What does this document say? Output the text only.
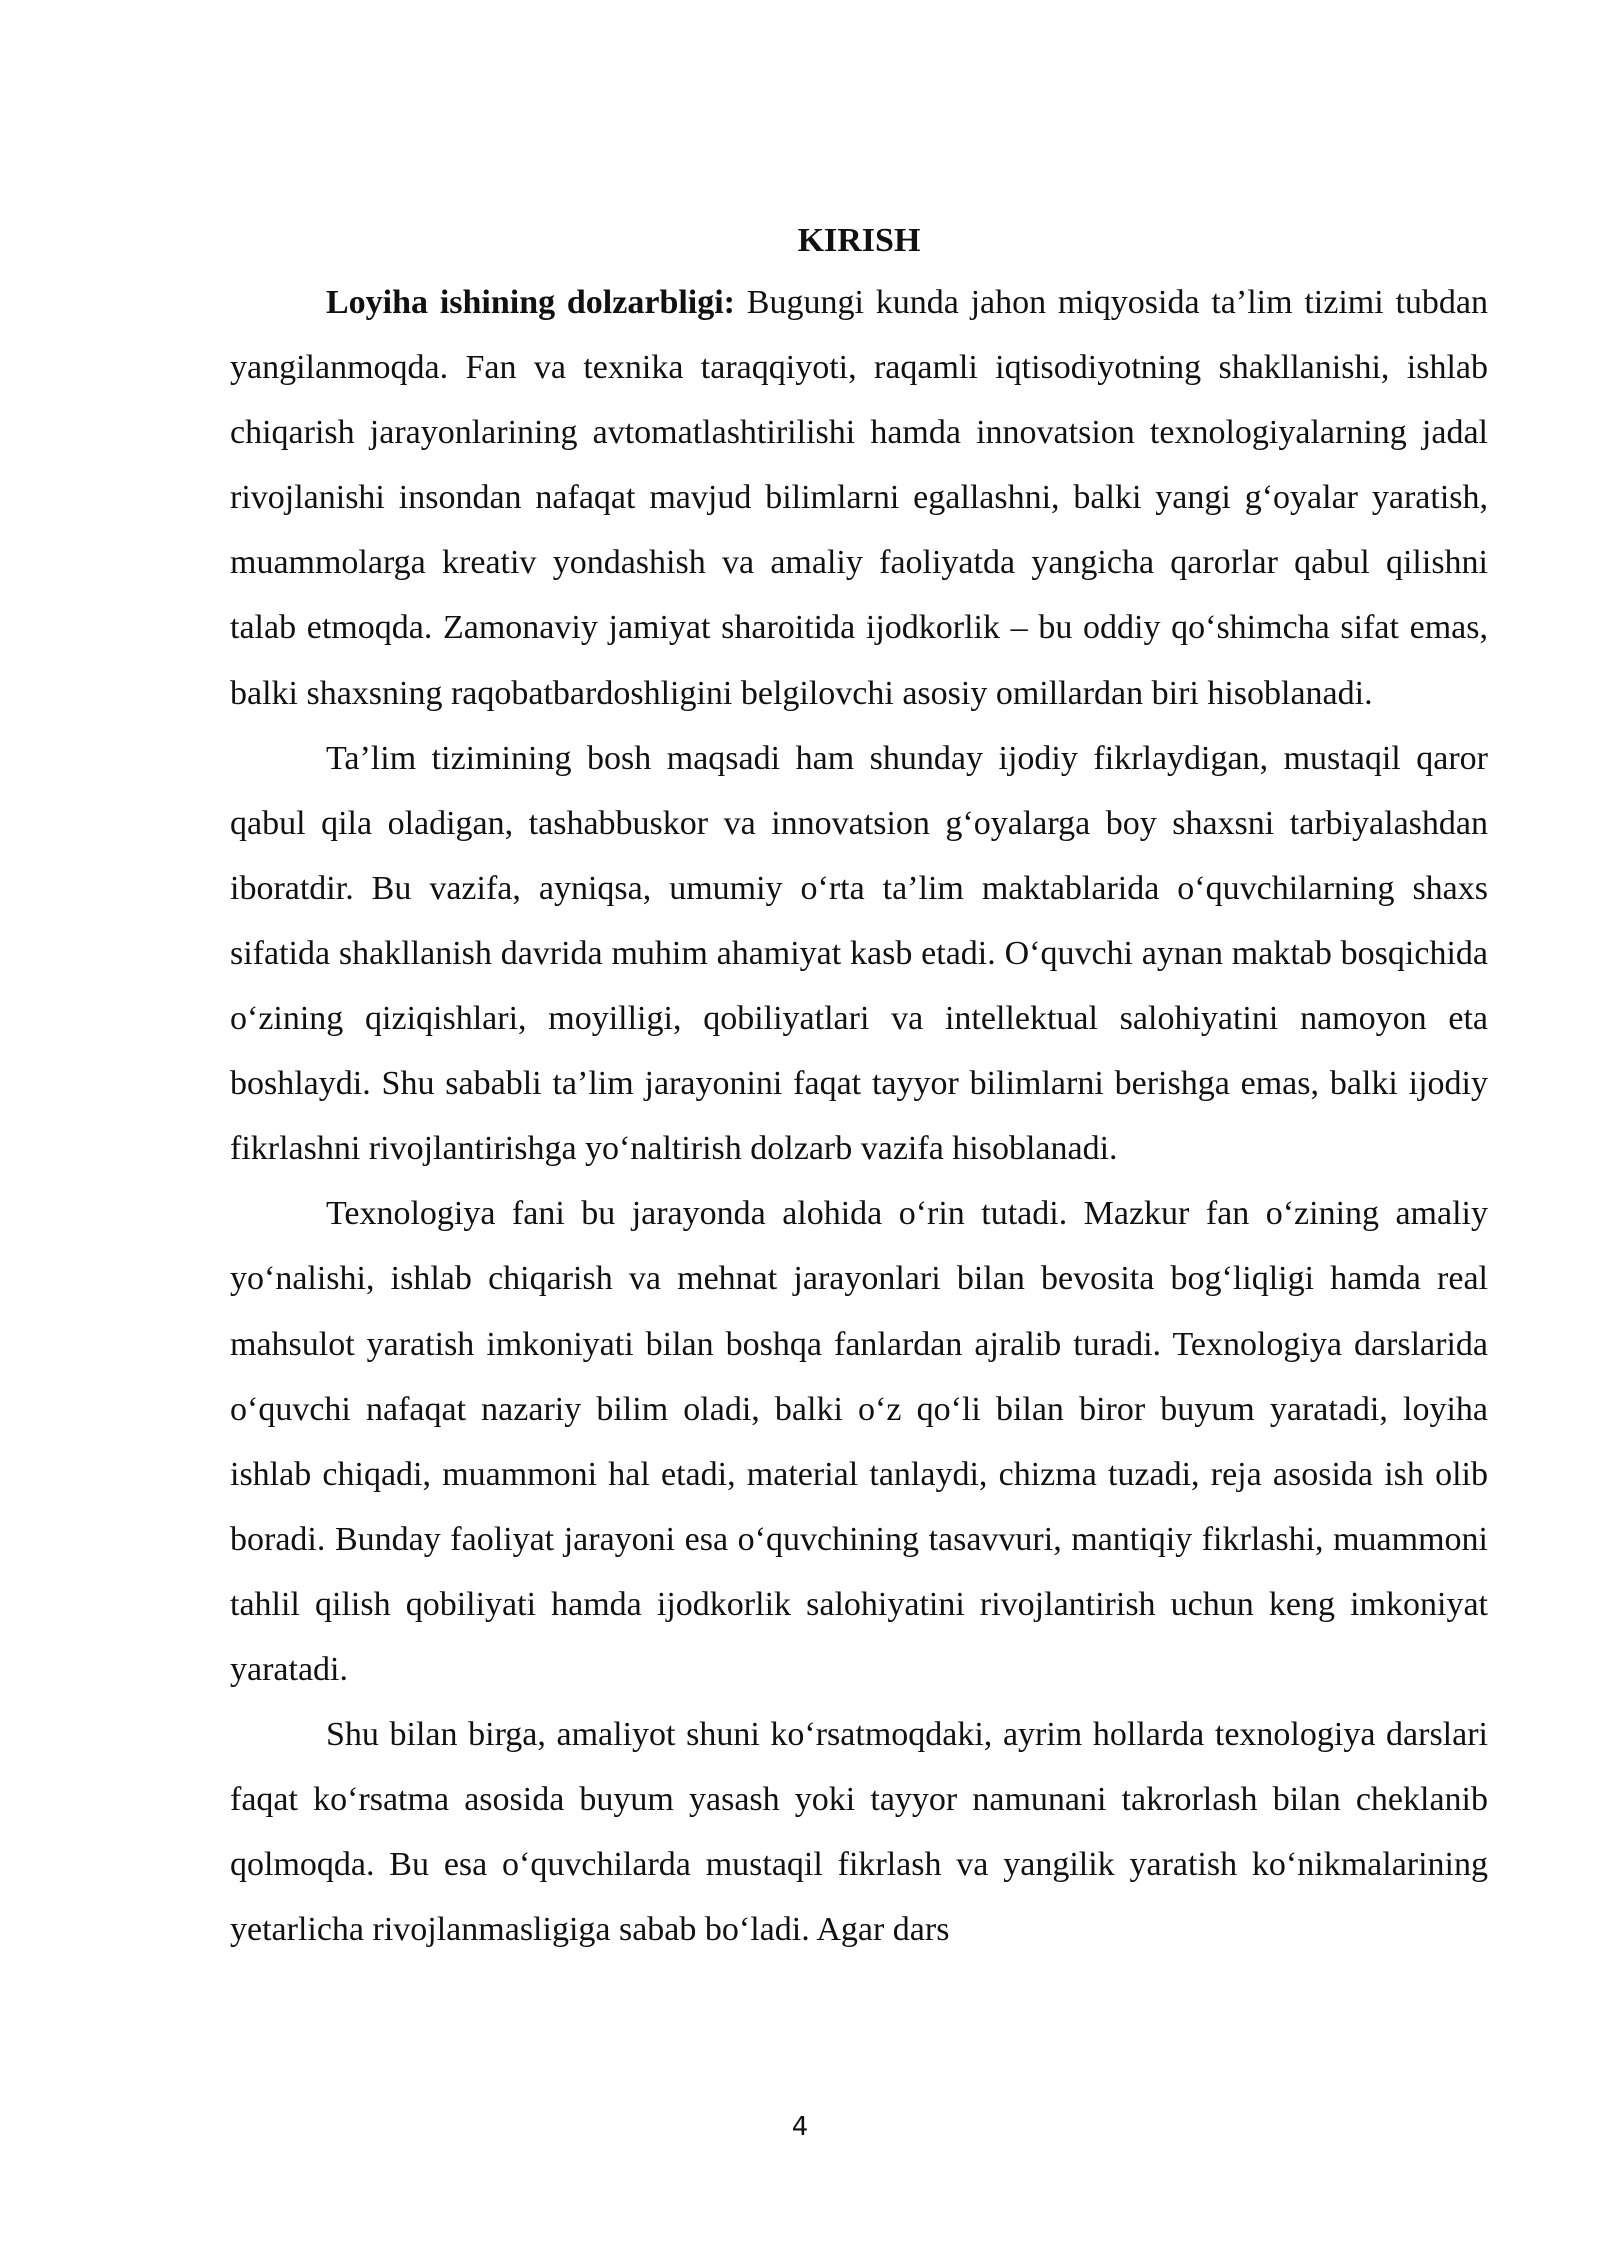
KIRISH

Loyiha ishining dolzarbligi: Bugungi kunda jahon miqyosida ta’lim tizimi tubdan yangilanmoqda. Fan va texnika taraqqiyoti, raqamli iqtisodiyotning shakllanishi, ishlab chiqarish jarayonlarining avtomatlashtirilishi hamda innovatsion texnologiyalarning jadal rivojlanishi insondan nafaqat mavjud bilimlarni egallashni, balki yangi g‘oyalar yaratish, muammolarga kreativ yondashish va amaliy faoliyatda yangicha qarorlar qabul qilishni talab etmoqda. Zamonaviy jamiyat sharoitida ijodkorlik – bu oddiy qo‘shimcha sifat emas, balki shaxsning raqobatbardoshligini belgilovchi asosiy omillardan biri hisoblanadi.

Ta’lim tizimining bosh maqsadi ham shunday ijodiy fikrlaydigan, mustaqil qaror qabul qila oladigan, tashabbuskor va innovatsion g‘oyalarga boy shaxsni tarbiyalashdan iboratdir. Bu vazifa, ayniqsa, umumiy o‘rta ta’lim maktablarida o‘quvchilarning shaxs sifatida shakllanish davrida muhim ahamiyat kasb etadi. O‘quvchi aynan maktab bosqichida o‘zining qiziqishlari, moyilligi, qobiliyatlari va intellektual salohiyatini namoyon eta boshlaydi. Shu sababli ta’lim jarayonini faqat tayyor bilimlarni berishga emas, balki ijodiy fikrlashni rivojlantirishga yo‘naltirish dolzarb vazifa hisoblanadi.

Texnologiya fani bu jarayonda alohida o‘rin tutadi. Mazkur fan o‘zining amaliy yo‘nalishi, ishlab chiqarish va mehnat jarayonlari bilan bevosita bog‘liqligi hamda real mahsulot yaratish imkoniyati bilan boshqa fanlardan ajralib turadi. Texnologiya darslarida o‘quvchi nafaqat nazariy bilim oladi, balki o‘z qo‘li bilan biror buyum yaratadi, loyiha ishlab chiqadi, muammoni hal etadi, material tanlaydi, chizma tuzadi, reja asosida ish olib boradi. Bunday faoliyat jarayoni esa o‘quvchining tasavvuri, mantiqiy fikrlashi, muammoni tahlil qilish qobiliyati hamda ijodkorlik salohiyatini rivojlantirish uchun keng imkoniyat yaratadi.

Shu bilan birga, amaliyot shuni ko‘rsatmoqdaki, ayrim hollarda texnologiya darslari faqat ko‘rsatma asosida buyum yasash yoki tayyor namunani takrorlash bilan cheklanib qolmoqda. Bu esa o‘quvchilarda mustaqil fikrlash va yangilik yaratish ko‘nikmalarining yetarlicha rivojlanmasligiga sabab bo‘ladi. Agar dars

4
